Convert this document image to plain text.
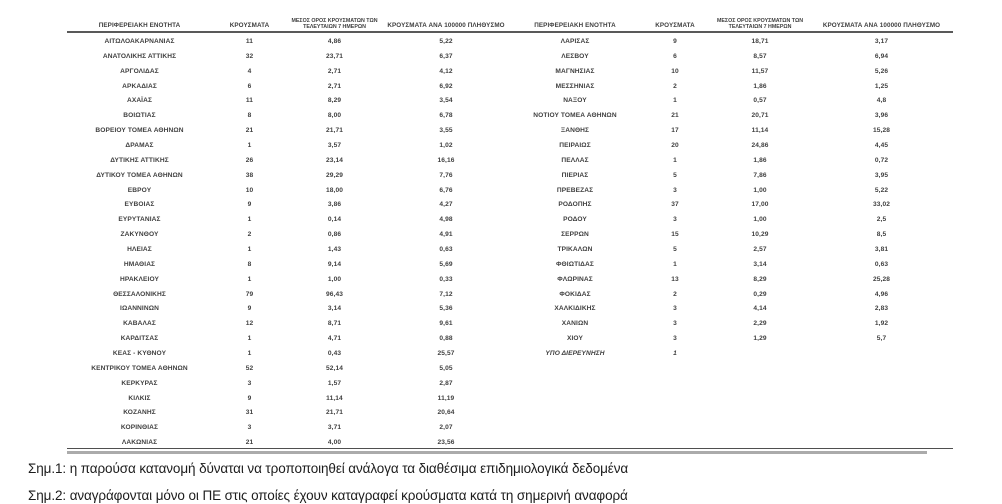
ΠΕΡΙΦΕΡΕΙΑΚΗ ΕΝΟΤΗΤΑ	ΚΡΟΥΣΜΑΤΑ
ΜΕΣΟΣ ΟΡΟΣ ΚΡΟΥΣΜΑΤΩΝ ΤΩΝ
ΤΕΛΕΥΤΑΙΩΝ 7 ΗΜΕΡΩΝ	ΚΡΟΥΣΜΑΤΑ ΑΝΑ 100000 ΠΛΗΘΥΣΜΟ
ΑΙΤΩΛΟΑΚΑΡΝΑΝΙΑΣ	11	4,86	5,22
ΑΝΑΤΟΛΙΚΗΣ ΑΤΤΙΚΗΣ	32	23,71	6,37
ΑΡΓΟΛΙΔΑΣ	4	2,71	4,12
ΑΡΚΑΔΙΑΣ	6	2,71	6,92
ΑΧΑΪΑΣ	11	8,29	3,54
ΒΟΙΩΤΙΑΣ	8	8,00	6,78
ΒΟΡΕΙΟΥ ΤΟΜΕΑ ΑΘΗΝΩΝ	21	21,71	3,55
ΔΡΑΜΑΣ	1	3,57	1,02
ΔΥΤΙΚΗΣ ΑΤΤΙΚΗΣ	26	23,14	16,16
ΔΥΤΙΚΟΥ ΤΟΜΕΑ ΑΘΗΝΩΝ	38	29,29	7,76
ΕΒΡΟΥ	10	18,00	6,76
ΕΥΒΟΙΑΣ	9	3,86	4,27
ΕΥΡΥΤΑΝΙΑΣ	1	0,14	4,98
ΖΑΚΥΝΘΟΥ	2	0,86	4,91
ΗΛΕΙΑΣ	1	1,43	0,63
ΗΜΑΘΙΑΣ	8	9,14	5,69
ΗΡΑΚΛΕΙΟΥ	1	1,00	0,33
ΘΕΣΣΑΛΟΝΙΚΗΣ	79	96,43	7,12
ΙΩΑΝΝΙΝΩΝ	9	3,14	5,36
ΚΑΒΑΛΑΣ	12	8,71	9,61
ΚΑΡΔΙΤΣΑΣ	1	4,71	0,88
ΚΕΑΣ - ΚΥΘΝΟΥ	1	0,43	25,57
ΚΕΝΤΡΙΚΟΥ ΤΟΜΕΑ ΑΘΗΝΩΝ	52	52,14	5,05
ΚΕΡΚΥΡΑΣ	3	1,57	2,87
ΚΙΛΚΙΣ	9	11,14	11,19
ΚΟΖΑΝΗΣ	31	21,71	20,64
ΚΟΡΙΝΘΙΑΣ	3	3,71	2,07
ΛΑΚΩΝΙΑΣ	21	4,00	23,56
ΠΕΡΙΦΕΡΕΙΑΚΗ ΕΝΟΤΗΤΑ	ΚΡΟΥΣΜΑΤΑ
ΜΕΣΟΣ ΟΡΟΣ ΚΡΟΥΣΜΑΤΩΝ ΤΩΝ
ΤΕΛΕΥΤΑΙΩΝ 7 ΗΜΕΡΩΝ	ΚΡΟΥΣΜΑΤΑ ΑΝΑ 100000 ΠΛΗΘΥΣΜΟ
ΛΑΡΙΣΑΣ	9	18,71	3,17
ΛΕΣΒΟΥ	6	8,57	6,94
ΜΑΓΝΗΣΙΑΣ	10	11,57	5,26
ΜΕΣΣΗΝΙΑΣ	2	1,86	1,25
ΝΑΞΟΥ	1	0,57	4,8
ΝΟΤΙΟΥ ΤΟΜΕΑ ΑΘΗΝΩΝ	21	20,71	3,96
ΞΑΝΘΗΣ	17	11,14	15,28
ΠΕΙΡΑΙΩΣ	20	24,86	4,45
ΠΕΛΛΑΣ	1	1,86	0,72
ΠΙΕΡΙΑΣ	5	7,86	3,95
ΠΡΕΒΕΖΑΣ	3	1,00	5,22
ΡΟΔΟΠΗΣ	37	17,00	33,02
ΡΟΔΟΥ	3	1,00	2,5
ΣΕΡΡΩΝ	15	10,29	8,5
ΤΡΙΚΑΛΩΝ	5	2,57	3,81
ΦΘΙΩΤΙΔΑΣ	1	3,14	0,63
ΦΛΩΡΙΝΑΣ	13	8,29	25,28
ΦΟΚΙΔΑΣ	2	0,29	4,96
ΧΑΛΚΙΔΙΚΗΣ	3	4,14	2,83
ΧΑΝΙΩΝ	3	2,29	1,92
ΧΙΟΥ	3	1,29	5,7
ΥΠΟ ΔΙΕΡΕΥΝΗΣΗ	1

Σημ.1: η παρούσα κατανομή δύναται να τροποποιηθεί ανάλογα τα διαθέσιμα επιδημιολογικά δεδομένα

Σημ.2: αναγράφονται μόνο οι ΠΕ στις οποίες έχουν καταγραφεί κρούσματα κατά τη σημερινή αναφορά
